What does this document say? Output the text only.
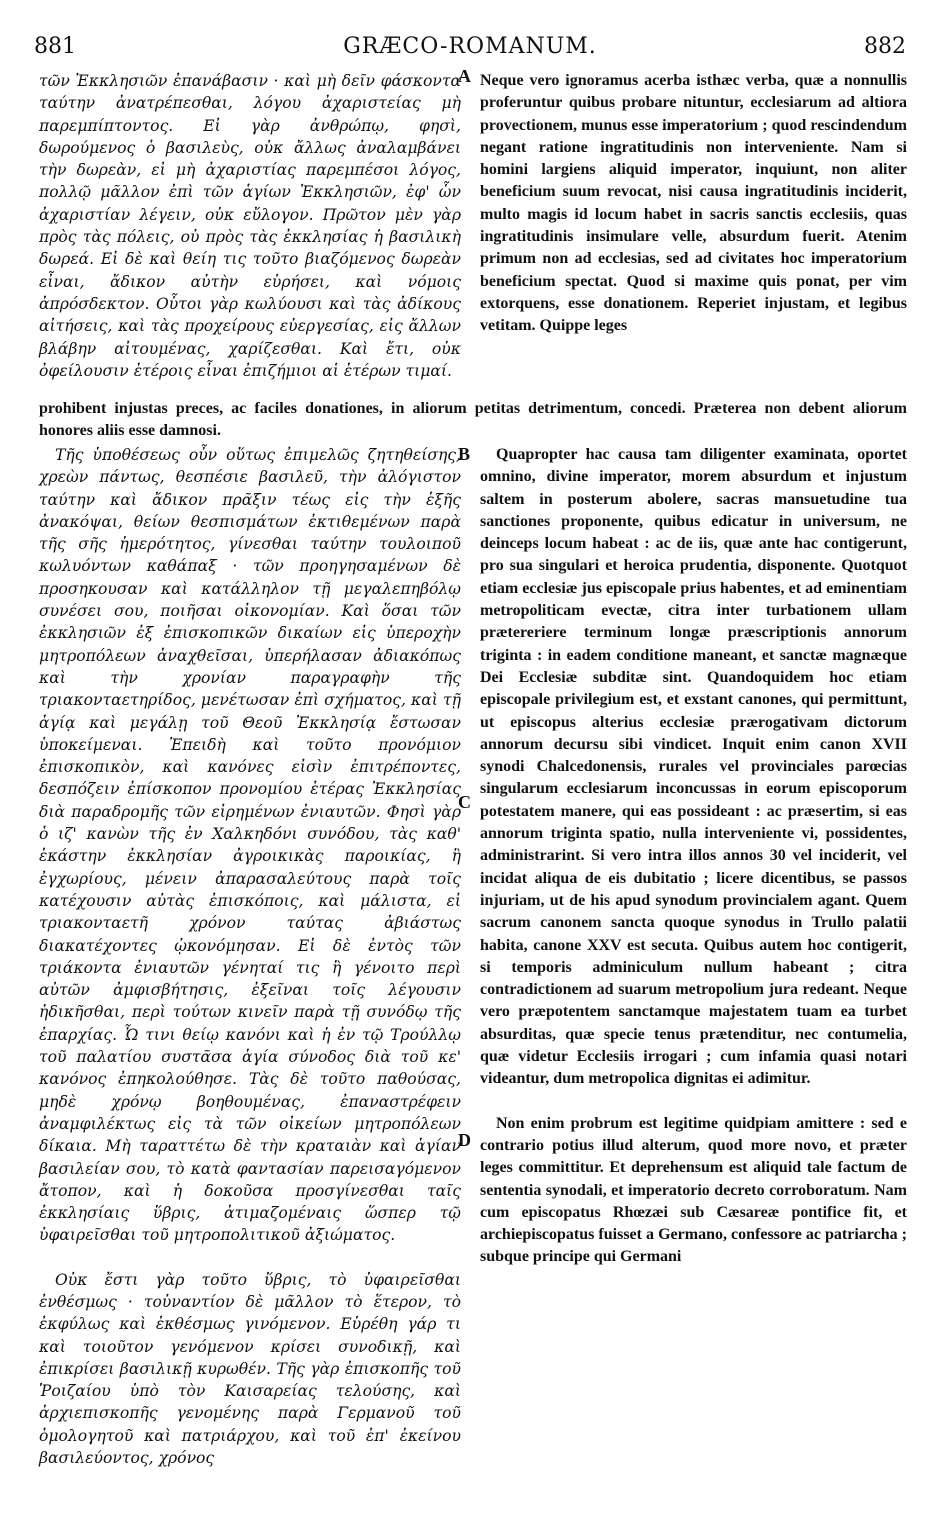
881	GRÆCO-ROMANUM.	882

τῶν Ἐκκλησιῶν ἐπανάβασιν · καὶ μὴ δεῖν φάσκοντα ταύτην ἀνατρέπεσθαι, λόγου ἀχαριστείας μὴ παρεμπίπτοντος. Εἰ γὰρ ἀνθρώπῳ, φησὶ, δωρούμενος ὁ βασιλεὺς, οὐκ ἄλλως ἀναλαμβάνει τὴν δωρεὰν, εἰ μὴ ἀχαριστίας παρεμπέσοι λόγος, πολλῷ μᾶλλον ἐπὶ τῶν ἁγίων Ἐκκλησιῶν, ἐφ' ὧν ἀχαριστίαν λέγειν, οὐκ εὔλογον. Πρῶτον μὲν γὰρ πρὸς τὰς πόλεις, οὐ πρὸς τὰς ἐκκλησίας ἡ βασιλικὴ δωρεά. Εἰ δὲ καὶ θείη τις τοῦτο βιαζόμενος δωρεὰν εἶναι, ἄδικον αὐτὴν εὑρήσει, καὶ νόμοις ἀπρόσδεκτον. Οὗτοι γὰρ κωλύουσι καὶ τὰς ἀδίκους αἰτήσεις, καὶ τὰς προχείρους εὐεργεσίας, εἰς ἄλλων βλάβην αἰτουμένας, χαρίζεσθαι. Καὶ ἔτι, οὐκ ὀφείλουσιν ἑτέροις εἶναι ἐπιζήμιοι αἱ ἑτέρων τιμαί.

Neque vero ignoramus acerba isthæc verba, quæ a nonnullis proferuntur quibus probare nituntur, ecclesiarum ad altiora provectionem, munus esse imperatorium ; quod rescindendum negant ratione ingratitudinis non interveniente. Nam si homini largiens aliquid imperator, inquiunt, non aliter beneficium suum revocat, nisi causa ingratitudinis inciderit, multo magis id locum habet in sacris sanctis ecclesiis, quas ingratitudinis insimulare velle, absurdum fuerit. Atenim primum non ad ecclesias, sed ad civitates hoc imperatorium beneficium spectat. Quod si maxime quis ponat, per vim extorquens, esse donationem. Reperiet injustam, et legibus vetitam. Quippe leges

prohibent injustas preces, ac faciles donationes, in aliorum petitas detrimentum, concedi. Præterea non debent aliorum honores aliis esse damnosi.

Τῆς ὑποθέσεως οὖν οὕτως ἐπιμελῶς ζητηθείσης, χρεὼν πάντως, θεσπέσιε βασιλεῦ, τὴν ἀλόγιστον ταύτην καὶ ἄδικον πρᾶξιν τέως εἰς τὴν ἑξῆς ἀνακόψαι, θείων θεσπισμάτων ἐκτιθεμένων παρὰ τῆς σῆς ἡμερότητος, γίνεσθαι ταύτην τουλοιποῦ κωλυόντων καθάπαξ · τῶν προηγησαμένων δὲ προσηκουσαν καὶ κατάλληλον τῇ μεγαλεπηβόλῳ συνέσει σου, ποιῆσαι οἰκονομίαν. Καὶ ὅσαι τῶν ἐκκλησιῶν ἐξ ἐπισκοπικῶν δικαίων εἰς ὑπεροχὴν μητροπόλεων ἀναχθεῖσαι, ὑπερήλασαν ἀδιακόπως καὶ τὴν χρονίαν παραγραφὴν τῆς τριακονταετηρίδος, μενέτωσαν ἐπὶ σχήματος, καὶ τῇ ἁγίᾳ καὶ μεγάλῃ τοῦ Θεοῦ Ἐκκλησίᾳ ἔστωσαν ὑποκείμεναι. Ἐπειδὴ καὶ τοῦτο προνόμιον ἐπισκοπικὸν, καὶ κανόνες εἰσὶν ἐπιτρέποντες, δεσπόζειν ἐπίσκοπον προνομίου ἑτέρας Ἐκκλησίας διὰ παραδρομῆς τῶν εἰρημένων ἐνιαυτῶν. Φησὶ γὰρ ὁ ιζ' κανὼν τῆς ἐν Χαλκηδόνι συνόδου, τὰς καθ' ἑκάστην ἐκκλησίαν ἀγροικικὰς παροικίας, ἢ ἐγχωρίους, μένειν ἀπαρασαλεύτους παρὰ τοῖς κατέχουσιν αὐτὰς ἐπισκόποις, καὶ μάλιστα, εἰ τριακονταετῆ χρόνον ταύτας ἀβιάστως διακατέχοντες ᾠκονόμησαν. Εἰ δὲ ἐντὸς τῶν τριάκοντα ἐνιαυτῶν γένηταί τις ἢ γένοιτο περὶ αὐτῶν ἀμφισβήτησις, ἐξεῖναι τοῖς λέγουσιν ἠδικῆσθαι, περὶ τούτων κινεῖν παρὰ τῇ συνόδῳ τῆς ἐπαρχίας. Ὦ τινι θείῳ κανόνι καὶ ἡ ἐν τῷ Τρούλλῳ τοῦ παλατίου συστᾶσα ἁγία σύνοδος διὰ τοῦ κε' κανόνος ἐπηκολούθησε. Τὰς δὲ τοῦτο παθούσας, μηδὲ χρόνῳ βοηθουμένας, ἐπαναστρέφειν ἀναμφιλέκτως εἰς τὰ τῶν οἰκείων μητροπόλεων δίκαια. Μὴ ταραττέτω δὲ τὴν κραταιὰν καὶ ἁγίαν βασιλείαν σου, τὸ κατὰ φαντασίαν παρεισαγόμενον ἄτοπον, καὶ ἡ δοκοῦσα προσγίνεσθαι ταῖς ἐκκλησίαις ὕβρις, ἀτιμαζομέναις ὥσπερ τῷ ὑφαιρεῖσθαι τοῦ μητροπολιτικοῦ ἀξιώματος.

Οὐκ ἔστι γὰρ τοῦτο ὕβρις, τὸ ὑφαιρεῖσθαι ἐνθέσμως · τοὐναντίον δὲ μᾶλλον τὸ ἕτερον, τὸ ἐκφύλως καὶ ἐκθέσμως γινόμενον. Εὑρέθη γάρ τι καὶ τοιοῦτον γενόμενον κρίσει συνοδικῇ, καὶ ἐπικρίσει βασιλικῇ κυρωθέν. Τῆς γὰρ ἐπισκοπῆς τοῦ Ῥοιζαίου ὑπὸ τὸν Καισαρείας τελούσης, καὶ ἀρχιεπισκοπῆς γενομένης παρὰ Γερμανοῦ τοῦ ὁμολογητοῦ καὶ πατριάρχου, καὶ τοῦ ἐπ' ἐκείνου βασιλεύοντος, χρόνος

Quapropter hac causa tam diligenter examinata, oportet omnino, divine imperator, morem absurdum et injustum saltem in posterum abolere, sacras mansuetudine tua sanctiones proponente, quibus edicatur in universum, ne deinceps locum habeat : ac de iis, quæ ante hac contigerunt, pro sua singulari et heroica prudentia, disponente. Quotquot etiam ecclesiæ jus episcopale prius habentes, et ad eminentiam metropoliticam evectæ, citra inter turbationem ullam prætereriere terminum longæ præscriptionis annorum triginta : in eadem conditione maneant, et sanctæ magnæque Dei Ecclesiæ subditæ sint. Quandoquidem hoc etiam episcopale privilegium est, et exstant canones, qui permittunt, ut episcopus alterius ecclesiæ prærogativam dictorum annorum decursu sibi vindicet. Inquit enim canon XVII synodi Chalcedonensis, rurales vel provinciales parœcias singularum ecclesiarum inconcussas in eorum episcoporum potestatem manere, qui eas possideant : ac præsertim, si eas annorum triginta spatio, nulla interveniente vi, possidentes, administrarint. Si vero intra illos annos 30 vel inciderit, vel incidat aliqua de eis dubitatio ; licere dicentibus, se passos injuriam, ut de his apud synodum provincialem agant. Quem sacrum canonem sancta quoque synodus in Trullo palatii habita, canone XXV est secuta. Quibus autem hoc contigerit, si temporis adminiculum nullum habeant ; citra contradictionem ad suarum metropolium jura redeant. Neque vero præpotentem sanctamque majestatem tuam ea turbet absurditas, quæ specie tenus prætenditur, nec contumelia, quæ videtur Ecclesiis irrogari ; cum infamia quasi notari videantur, dum metropolica dignitas ei adimitur.

Non enim probrum est legitime quidpiam amittere : sed e contrario potius illud alterum, quod more novo, et præter leges committitur. Et deprehensum est aliquid tale factum de sententia synodali, et imperatorio decreto corroboratum. Nam cum episcopatus Rhœzæi sub Cæsareæ pontifice fit, et archiepiscopatus fuisset a Germano, confessore ac patriarcha ; subque principe qui Germani

A
B
C
D
